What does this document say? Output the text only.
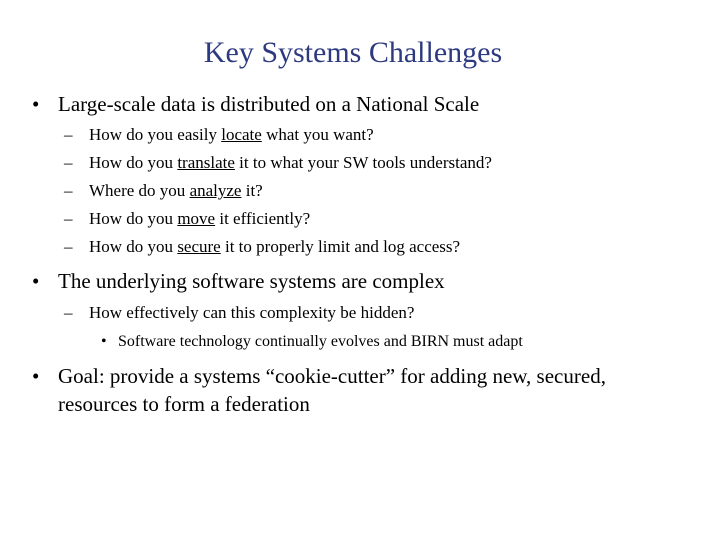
Key Systems Challenges
• Large-scale data is distributed on a National Scale
– How do you easily locate what you want?
– How do you translate it to what your SW tools understand?
– Where do you analyze it?
– How do you move it efficiently?
– How do you secure it to properly limit and log access?
• The underlying software systems are complex
– How effectively can this complexity be hidden?
• Software technology continually evolves and BIRN must adapt
• Goal: provide a systems “cookie-cutter” for adding new, secured,
resources to form a federation
